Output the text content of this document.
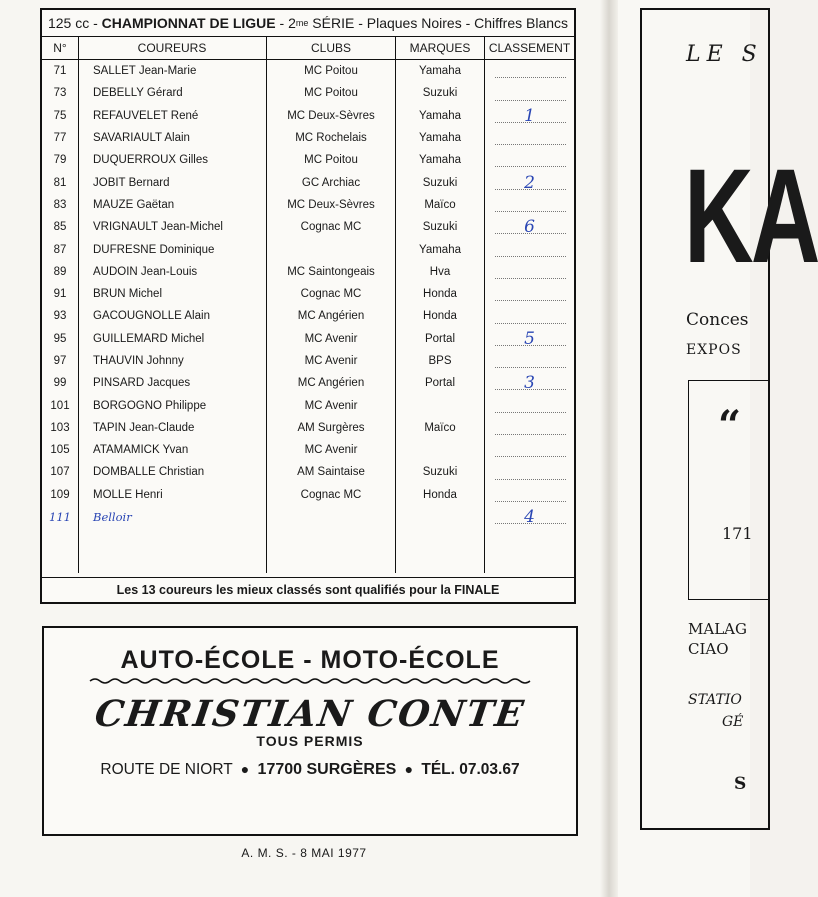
125 cc
-
CHAMPIONNAT DE LIGUE
-
2 me
SÉRIE
-
Plaques Noires
-
Chiffres Blancs
N°	COUREURS	CLUBS	MARQUES	CLASSEMENT
71	SALLET Jean-Marie	MC Poitou	Yamaha	

73	DEBELLY Gérard	MC Poitou	Suzuki	

75	REFAUVELET René	MC Deux-Sèvres	Yamaha	1
77	SAVARIAULT Alain	MC Rochelais	Yamaha	

79	DUQUERROUX Gilles	MC Poitou	Yamaha	

81	JOBIT Bernard	GC Archiac	Suzuki	2
83	MAUZE Gaëtan	MC Deux-Sèvres	Maïco	

85	VRIGNAULT Jean-Michel	Cognac MC	Suzuki	6
87	DUFRESNE Dominique		Yamaha	

89	AUDOIN Jean-Louis	MC Saintongeais	Hva	

91	BRUN Michel	Cognac MC	Honda	

93	GACOUGNOLLE Alain	MC Angérien	Honda	

95	GUILLEMARD Michel	MC Avenir	Portal	5
97	THAUVIN Johnny	MC Avenir	BPS	

99	PINSARD Jacques	MC Angérien	Portal	3
101	BORGOGNO Philippe	MC Avenir		

103	TAPIN Jean-Claude	AM Surgères	Maïco	

105	ATAMAMICK Yvan	MC Avenir		

107	DOMBALLE Christian	AM Saintaise	Suzuki	

109	MOLLE Henri	Cognac MC	Honda	

111	Belloir			4

Les 13 coureurs les mieux classés sont qualifiés pour la FINALE
AUTO-ÉCOLE - MOTO-ÉCOLE
CHRISTIAN CONTE
TOUS PERMIS
ROUTE DE NIORT ● 17700 SURGÈRES ● TÉL. 07.03.67
A. M. S. - 8 MAI 1977
LE S
KA
Conces
EXPOS
“
171
MALAG
CIAO
STATIO
GÉ
S
